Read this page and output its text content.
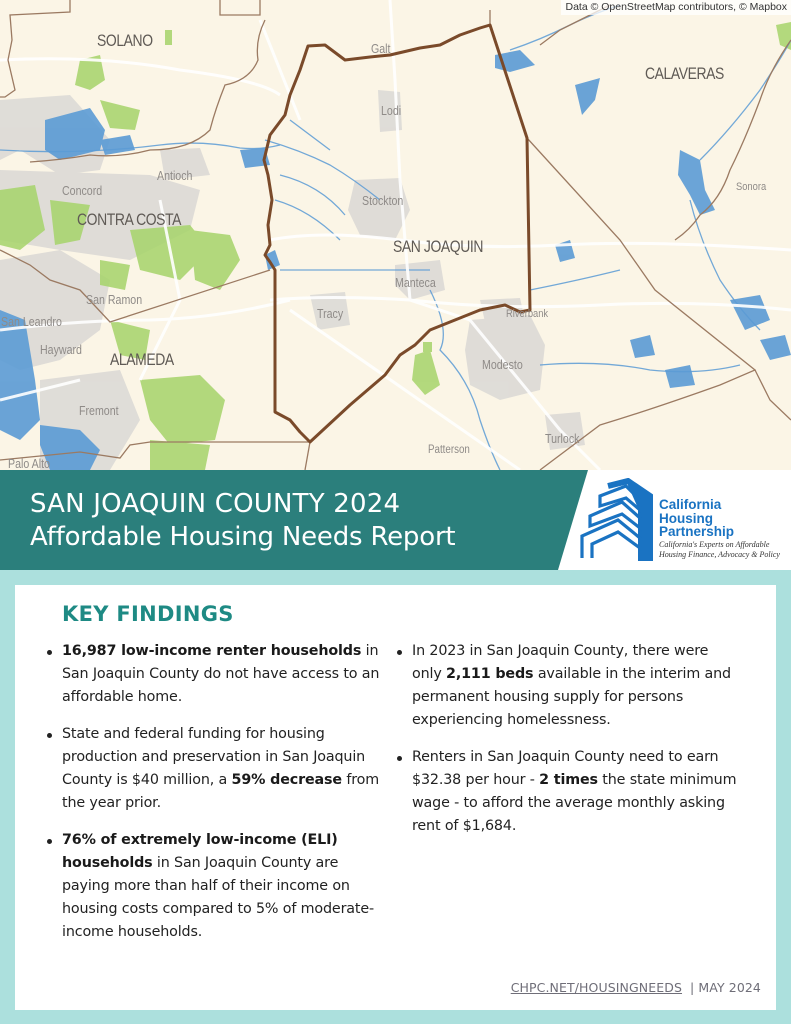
Data © OpenStreetMap contributors, © Mapbox
SOLANO
CALAVERAS
CONTRA COSTA
SAN JOAQUIN
ALAMEDA
Galt
Lodi
Antioch
Concord
Stockton
Sonora
Manteca
San Ramon
Tracy	Riverbank
San Leandro
Hayward
Modesto
Fremont
Turlock
Patterson
Palo Alto
SAN JOAQUIN COUNTY 2024
Affordable Housing Needs Report
California
Housing
Partnership
California's Experts on Affordable
Housing Finance, Advocacy & Policy
KEY FINDINGS
16,987 low-income renter households in San Joaquin County do not have access to an affordable home.
State and federal funding for housing production and preservation in San Joaquin County is $40 million, a 59% decrease from the year prior.
76% of extremely low-income (ELI) households in San Joaquin County are paying more than half of their income on housing costs compared to 5% of moderate-income households.
In 2023 in San Joaquin County, there were only 2,111 beds available in the interim and permanent housing supply for persons experiencing homelessness.
Renters in San Joaquin County need to earn $32.38 per hour - 2 times the state minimum wage - to afford the average monthly asking rent of $1,684.
CHPC.NET/HOUSINGNEEDS | MAY 2024
